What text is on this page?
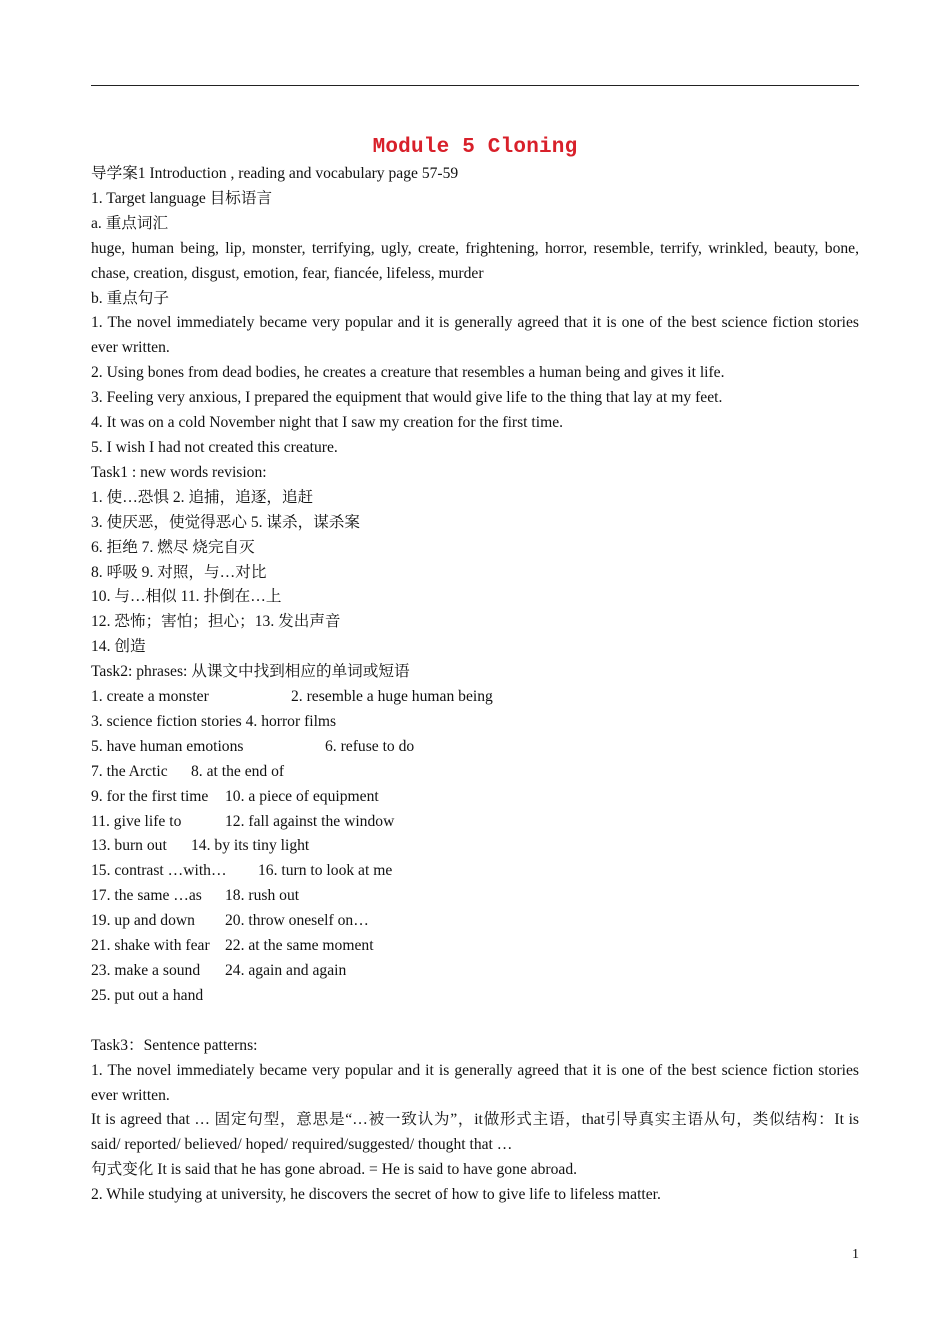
Module 5 Cloning

导学案1 Introduction , reading and vocabulary page 57-59

1. Target language 目标语言

a. 重点词汇

huge, human being, lip, monster, terrifying, ugly, create, frightening, horror, resemble, terrify, wrinkled, beauty, bone, chase, creation, disgust, emotion, fear, fiancée, lifeless, murder

b. 重点句子

1. The novel immediately became very popular and it is generally agreed that it is one of the best science fiction stories ever written.

2. Using bones from dead bodies, he creates a creature that resembles a human being and gives it life.

3. Feeling very anxious, I prepared the equipment that would give life to the thing that lay at my feet.

4. It was on a cold November night that I saw my creation for the first time.

5. I wish I had not created this creature.

Task1 : new words revision:

1. 使…恐惧 2. 追捕，追逐，追赶

3. 使厌恶，使觉得恶心 5. 谋杀，谋杀案

6. 拒绝 7. 燃尽 烧完自灭

8. 呼吸 9. 对照，与…对比

10. 与…相似 11. 扑倒在…上

12. 恐怖；害怕；担心；13. 发出声音

14. 创造

Task2: phrases: 从课文中找到相应的单词或短语

1. create a monster	2. resemble a huge human being

3. science fiction stories 4. horror films

5. have human emotions	6. refuse to do

7. the Arctic 8. at the end of

9. for the first time 10. a piece of equipment

11. give life to	12. fall against the window

13. burn out 14. by its tiny light

15. contrast …with… 16. turn to look at me

17. the same …as 18. rush out

19. up and down 20. throw oneself on…

21. shake with fear 22. at the same moment

23. make a sound 24. again and again

25. put out a hand

Task3：Sentence patterns:

1. The novel immediately became very popular and it is generally agreed that it is one of the best science fiction stories ever written.

It is agreed that … 固定句型，意思是“…被一致认为”，it做形式主语，that引导真实主语从句，类似结构：It is said/ reported/ believed/ hoped/ required/suggested/ thought that …

句式变化 It is said that he has gone abroad. = He is said to have gone abroad.

2. While studying at university, he discovers the secret of how to give life to lifeless matter.

1
